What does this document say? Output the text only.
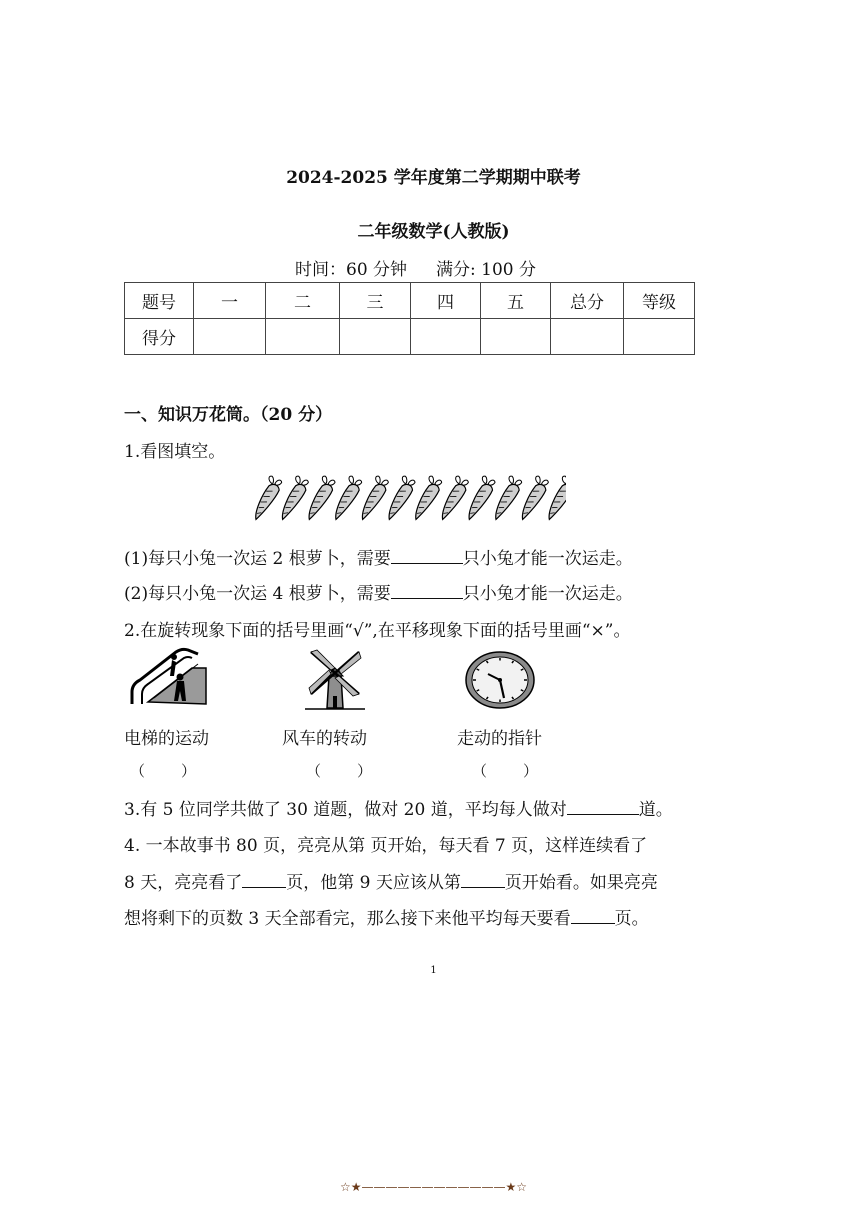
2024-2025 学年度第二学期期中联考
二年级数学(人教版)
时间：60 分钟 满分: 100 分
题号	一	二	三	四	五	总分	等级
得分							
一、知识万花筒。（20 分）
1.看图填空。
(1)每只小兔一次运 2 根萝卜，需要	只小兔才能一次运走。
(2)每只小兔一次运 4 根萝卜，需要	只小兔才能一次运走。
2.在旋转现象下面的括号里画“√”,在平移现象下面的括号里画“×”。
电梯的运动	风车的转动	走动的指针
（　　）	（　　）	（　　）
3.有 5 位同学共做了 30 道题，做对 20 道，平均每人做对	道。
4. 一本故事书 80 页，亮亮从第 页开始，每天看 7 页，这样连续看了
8 天，亮亮看了	页，他第 9 天应该从第	页开始看。如果亮亮
想将剩下的页数 3 天全部看完，那么接下来他平均每天要看	页。
1
☆★————————————★☆
